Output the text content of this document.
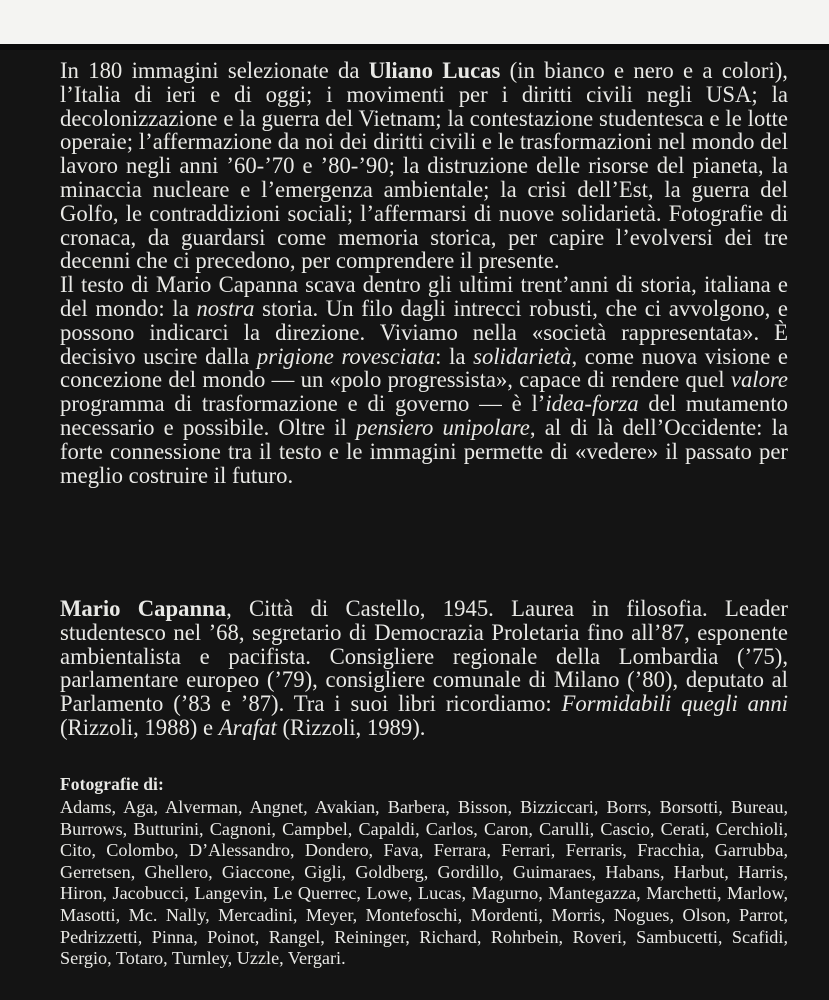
In 180 immagini selezionate da Uliano Lucas (in bianco e nero e a colori), l’Italia di ieri e di oggi; i movimenti per i diritti civili negli USA; la decolonizzazione e la guerra del Vietnam; la contestazione studentesca e le lotte operaie; l’affermazione da noi dei diritti civili e le trasformazioni nel mondo del lavoro negli anni ’60-’70 e ’80-’90; la distruzione delle risorse del pianeta, la minaccia nucleare e l’emergenza ambientale; la crisi dell’Est, la guerra del Golfo, le contraddizioni sociali; l’affermarsi di nuove solidarietà. Fotografie di cronaca, da guardarsi come memoria storica, per capire l’evolversi dei tre decenni che ci precedono, per comprendere il presente.

Il testo di Mario Capanna scava dentro gli ultimi trent’anni di storia, italiana e del mondo: la nostra storia. Un filo dagli intrecci robusti, che ci avvolgono, e possono indicarci la direzione. Viviamo nella «società rappresentata». È decisivo uscire dalla prigione rovesciata: la solidarietà, come nuova visione e concezione del mondo — un «polo progressista», capace di rendere quel valore programma di trasformazione e di governo — è l’idea-forza del mutamento necessario e possibile. Oltre il pensiero unipolare, al di là dell’Occidente: la forte connessione tra il testo e le immagini permette di «vedere» il passato per meglio costruire il futuro.

Mario Capanna, Città di Castello, 1945. Laurea in filosofia. Leader studentesco nel ’68, segretario di Democrazia Proletaria fino all’87, esponente ambientalista e pacifista. Consigliere regionale della Lombardia (’75), parlamentare europeo (’79), consigliere comunale di Milano (’80), deputato al Parlamento (’83 e ’87). Tra i suoi libri ricordiamo: Formidabili quegli anni (Rizzoli, 1988) e Arafat (Rizzoli, 1989).

Fotografie di:

Adams, Aga, Alverman, Angnet, Avakian, Barbera, Bisson, Bizziccari, Borrs, Borsotti, Bureau, Burrows, Butturini, Cagnoni, Campbel, Capaldi, Carlos, Caron, Carulli, Cascio, Cerati, Cerchioli, Cito, Colombo, D’Alessandro, Dondero, Fava, Ferrara, Ferrari, Ferraris, Fracchia, Garrubba, Gerretsen, Ghellero, Giaccone, Gigli, Goldberg, Gordillo, Guimaraes, Habans, Harbut, Harris, Hiron, Jacobucci, Langevin, Le Querrec, Lowe, Lucas, Magurno, Mantegazza, Marchetti, Marlow, Masotti, Mc. Nally, Mercadini, Meyer, Montefoschi, Mordenti, Morris, Nogues, Olson, Parrot, Pedrizzetti, Pinna, Poinot, Rangel, Reininger, Richard, Rohrbein, Roveri, Sambucetti, Scafidi, Sergio, Totaro, Turnley, Uzzle, Vergari.
